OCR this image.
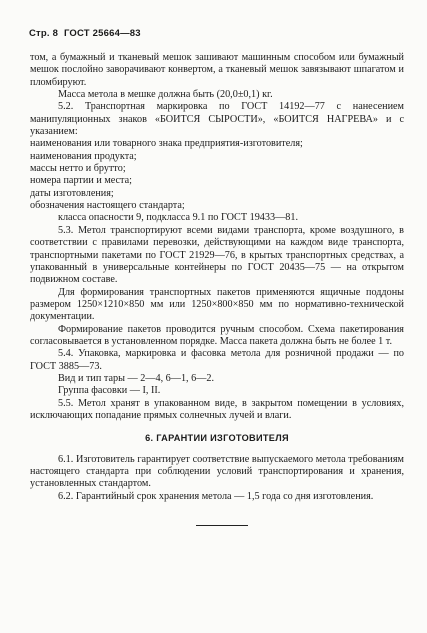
Стр. 8 ГОСТ 25664—83

том, а бумажный и тканевый мешок зашивают машинным способом или бумажный мешок послойно заворачивают конвертом, а тканевый мешок завязывают шпагатом и пломбируют.

Масса метола в мешке должна быть (20,0±0,1) кг.

5.2. Транспортная маркировка по ГОСТ 14192—77 с нанесением манипуляционных знаков «БОИТСЯ СЫРОСТИ», «БОИТСЯ НАГРЕВА» и с указанием:

наименования или товарного знака предприятия-изготовителя;

наименования продукта;

массы нетто и брутто;

номера партии и места;

даты изготовления;

обозначения настоящего стандарта;

класса опасности 9, подкласса 9.1 по ГОСТ 19433—81.

5.3. Метол транспортируют всеми видами транспорта, кроме воздушного, в соответствии с правилами перевозки, действующими на каждом виде транспорта, транспортными пакетами по ГОСТ 21929—76, в крытых транспортных средствах, а упакованный в универсальные контейнеры по ГОСТ 20435—75 — на открытом подвижном составе.

Для формирования транспортных пакетов применяются ящичные поддоны размером 1250×1210×850 мм или 1250×800×850 мм по нормативно-технической документации.

Формирование пакетов проводится ручным способом. Схема пакетирования согласовывается в установленном порядке. Масса пакета должна быть не более 1 т.

5.4. Упаковка, маркировка и фасовка метола для розничной продажи — по ГОСТ 3885—73.

Вид и тип тары — 2—4, 6—1, 6—2.

Группа фасовки — I, II.

5.5. Метол хранят в упакованном виде, в закрытом помещении в условиях, исключающих попадание прямых солнечных лучей и влаги.

6. ГАРАНТИИ ИЗГОТОВИТЕЛЯ

6.1. Изготовитель гарантирует соответствие выпускаемого метола требованиям настоящего стандарта при соблюдении условий транспортирования и хранения, установленных стандартом.

6.2. Гарантийный срок хранения метола — 1,5 года со дня изготовления.
